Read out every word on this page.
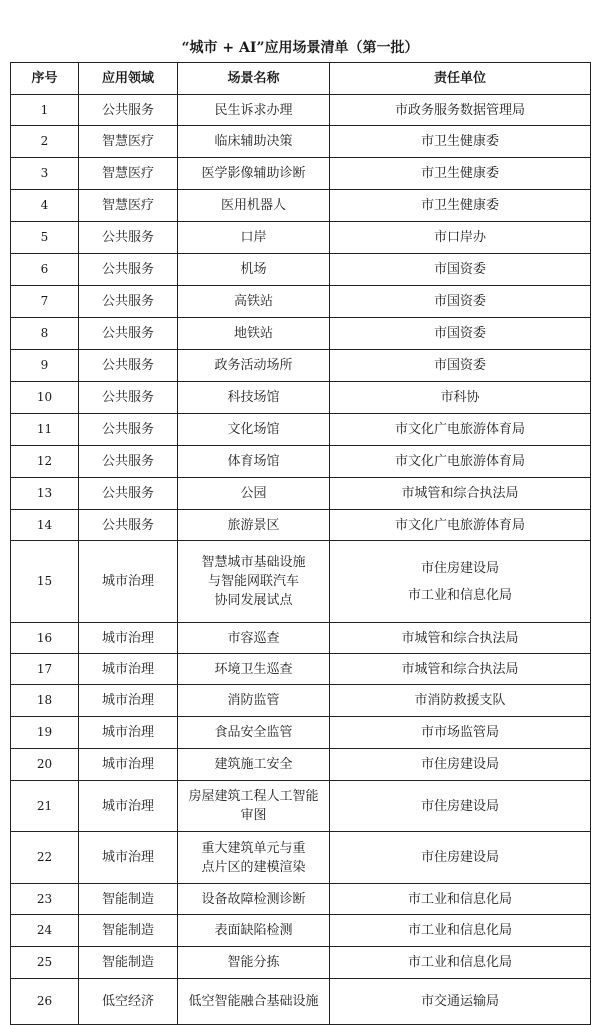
“城市 + AI”应用场景清单（第一批）
序号	应用领域	场景名称	责任单位
1	公共服务	民生诉求办理	市政务服务数据管理局

2	智慧医疗	临床辅助决策	市卫生健康委

3	智慧医疗	医学影像辅助诊断	市卫生健康委

4	智慧医疗	医用机器人	市卫生健康委

5	公共服务	口岸	市口岸办

6	公共服务	机场	市国资委

7	公共服务	高铁站	市国资委

8	公共服务	地铁站	市国资委

9	公共服务	政务活动场所	市国资委

10	公共服务	科技场馆	市科协

11	公共服务	文化场馆	市文化广电旅游体育局

12	公共服务	体育场馆	市文化广电旅游体育局

13	公共服务	公园	市城管和综合执法局

14	公共服务	旅游景区	市文化广电旅游体育局

15	城市治理	智慧城市基础设施
与智能网联汽车
协同发展试点	市住房建设局
市工业和信息化局

16	城市治理	市容巡查	市城管和综合执法局

17	城市治理	环境卫生巡查	市城管和综合执法局

18	城市治理	消防监管	市消防救援支队

19	城市治理	食品安全监管	市市场监管局

20	城市治理	建筑施工安全	市住房建设局

21	城市治理	房屋建筑工程人工智能
审图	市住房建设局

22	城市治理	重大建筑单元与重
点片区的建模渲染	市住房建设局

23	智能制造	设备故障检测诊断	市工业和信息化局

24	智能制造	表面缺陷检测	市工业和信息化局

25	智能制造	智能分拣	市工业和信息化局

26	低空经济	低空智能融合基础设施	市交通运输局
